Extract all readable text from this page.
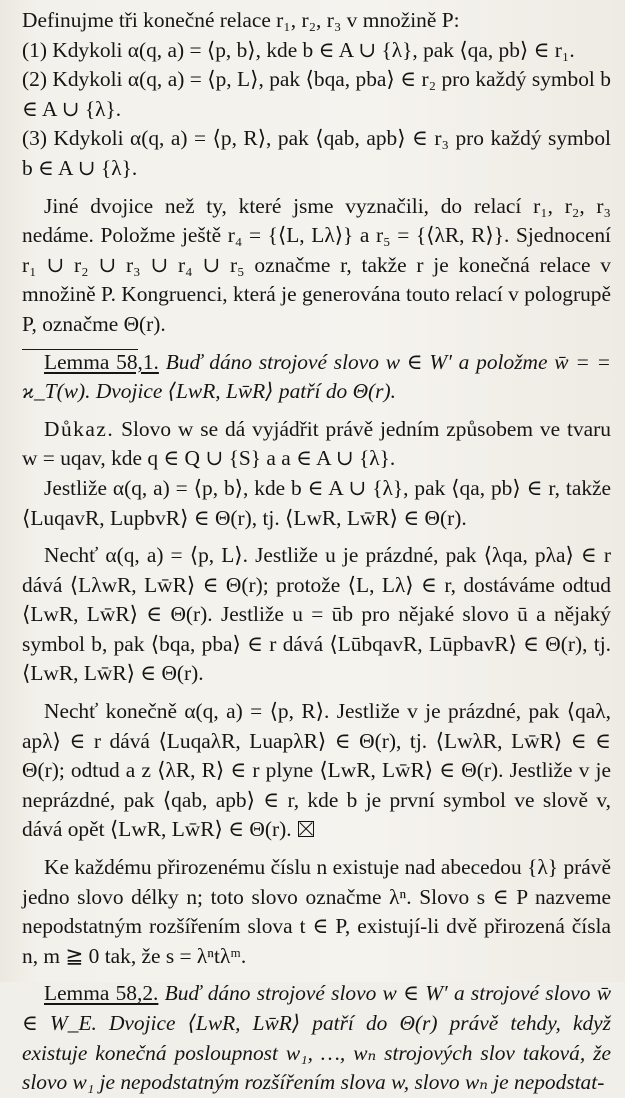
Definujme tři konečné relace r₁, r₂, r₃ v množině P:

(1) Kdykoli α(q, a) = ⟨p, b⟩, kde b ∈ A ∪ {λ}, pak ⟨qa, pb⟩ ∈ r₁.

(2) Kdykoli α(q, a) = ⟨p, L⟩, pak ⟨bqa, pba⟩ ∈ r₂ pro každý symbol b ∈ A ∪ {λ}.

(3) Kdykoli α(q, a) = ⟨p, R⟩, pak ⟨qab, apb⟩ ∈ r₃ pro každý symbol b ∈ A ∪ {λ}.

Jiné dvojice než ty, které jsme vyznačili, do relací r₁, r₂, r₃ nedáme. Položme ještě r₄ = {⟨L, Lλ⟩} a r₅ = {⟨λR, R⟩}. Sjednocení r₁ ∪ r₂ ∪ r₃ ∪ r₄ ∪ r₅ označme r, takže r je konečná relace v množině P. Kongruenci, která je generována touto relací v pologrupě P, označme Θ(r).

Lemma 58,1. Buď dáno strojové slovo w ∈ W′ a položme w̄ = = ϰ_T(w). Dvojice ⟨LwR, Lw̄R⟩ patří do Θ(r).

Důkaz. Slovo w se dá vyjádřit právě jedním způsobem ve tvaru w = uqav, kde q ∈ Q ∪ {S} a a ∈ A ∪ {λ}.

Jestliže α(q, a) = ⟨p, b⟩, kde b ∈ A ∪ {λ}, pak ⟨qa, pb⟩ ∈ r, takže ⟨LuqavR, LupbvR⟩ ∈ Θ(r), tj. ⟨LwR, Lw̄R⟩ ∈ Θ(r).

Nechť α(q, a) = ⟨p, L⟩. Jestliže u je prázdné, pak ⟨λqa, pλa⟩ ∈ r dává ⟨LλwR, Lw̄R⟩ ∈ Θ(r); protože ⟨L, Lλ⟩ ∈ r, dostáváme odtud ⟨LwR, Lw̄R⟩ ∈ Θ(r). Jestliže u = ūb pro nějaké slovo ū a nějaký symbol b, pak ⟨bqa, pba⟩ ∈ r dává ⟨LūbqavR, LūpbavR⟩ ∈ Θ(r), tj. ⟨LwR, Lw̄R⟩ ∈ Θ(r).

Nechť konečně α(q, a) = ⟨p, R⟩. Jestliže v je prázdné, pak ⟨qaλ, apλ⟩ ∈ r dává ⟨LuqaλR, LuapλR⟩ ∈ Θ(r), tj. ⟨LwλR, Lw̄R⟩ ∈ ∈ Θ(r); odtud a z ⟨λR, R⟩ ∈ r plyne ⟨LwR, Lw̄R⟩ ∈ Θ(r). Jestliže v je neprázdné, pak ⟨qab, apb⟩ ∈ r, kde b je první symbol ve slově v, dává opět ⟨LwR, Lw̄R⟩ ∈ Θ(r).

Ke každému přirozenému číslu n existuje nad abecedou {λ} právě jedno slovo délky n; toto slovo označme λⁿ. Slovo s ∈ P nazveme nepodstatným rozšířením slova t ∈ P, existují-li dvě přirozená čísla n, m ≧ 0 tak, že s = λⁿtλᵐ.

Lemma 58,2. Buď dáno strojové slovo w ∈ W′ a strojové slovo w̄ ∈ W_E. Dvojice ⟨LwR, Lw̄R⟩ patří do Θ(r) právě tehdy, když existuje konečná posloupnost w₁, …, wₙ strojových slov taková, že slovo w₁ je nepodstatným rozšířením slova w, slovo wₙ je nepodstat-
